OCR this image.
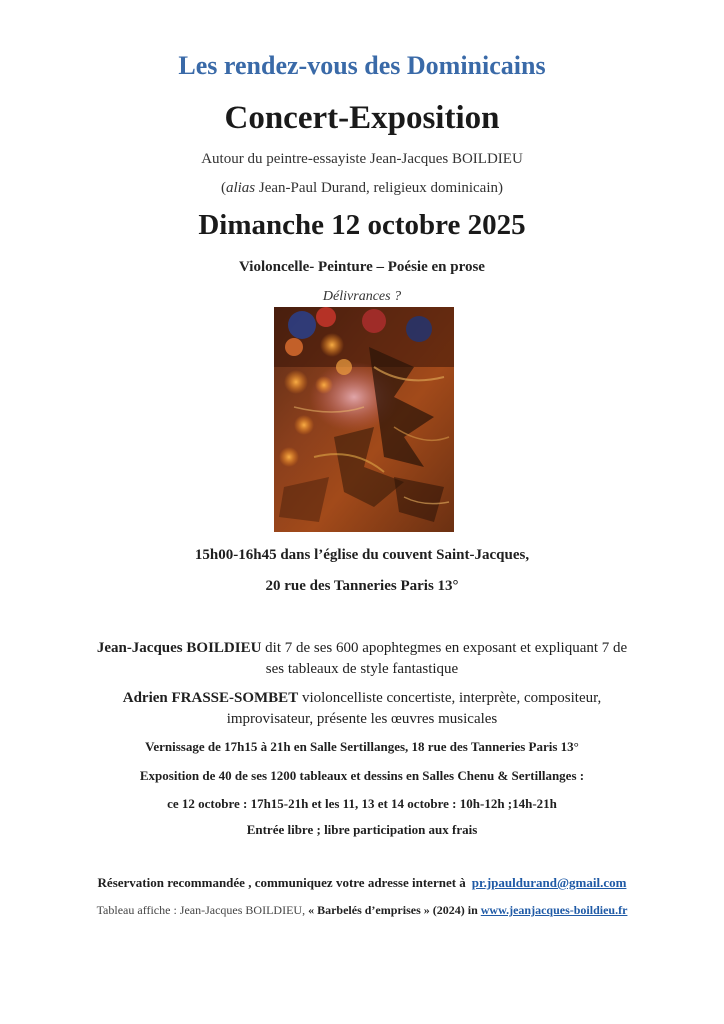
Les rendez-vous des Dominicains
Concert-Exposition
Autour du peintre-essayiste Jean-Jacques BOILDIEU
(alias Jean-Paul Durand, religieux dominicain)
Dimanche 12 octobre 2025
Violoncelle- Peinture – Poésie en prose
Délivrances ?
15h00-16h45 dans l’église du couvent Saint-Jacques,
20 rue des Tanneries Paris 13°
Jean-Jacques BOILDIEU dit 7 de ses 600 apophtegmes en exposant et expliquant 7 de
ses tableaux de style fantastique
Adrien FRASSE-SOMBET violoncelliste concertiste, interprète, compositeur,
improvisateur, présente les œuvres musicales
Vernissage de 17h15 à 21h en Salle Sertillanges, 18 rue des Tanneries Paris 13°
Exposition de 40 de ses 1200 tableaux et dessins en Salles Chenu & Sertillanges :
ce 12 octobre : 17h15-21h et les 11, 13 et 14 octobre : 10h-12h ;14h-21h
Entrée libre ; libre participation aux frais
Réservation recommandée , communiquez votre adresse internet à pr.jpauldurand@gmail.com
Tableau affiche : Jean-Jacques BOILDIEU, « Barbelés d’emprises » (2024) in www.jeanjacques-boildieu.fr
